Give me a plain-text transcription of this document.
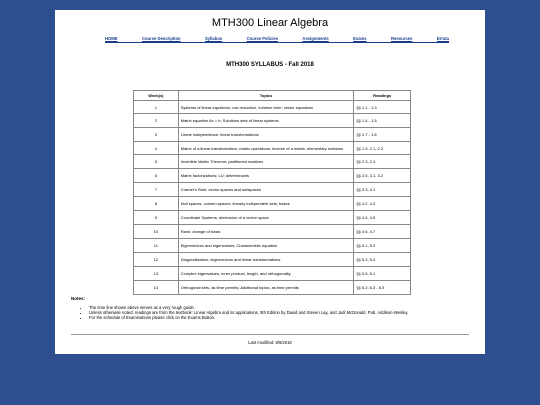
MTH300 Linear Algebra
HOME	Course Description	Syllabus	Course Policies	Assignments	Exams	Resources	Errata
MTH300 SYLLABUS - Fall 2018
Week(s)	Topics	Readings
1	Systems of linear equations; row reduction, echelon form; vector equations	§§ 1.1 - 1.3
2	Matrix equation Ax = b; Solutions sets of linear systems	§§ 1.4 - 1.5
3	Linear independence; linear transformations	§§ 1.7 - 1.8
4	Matrix of a linear transformation; matrix operations; inverse of a matrix; elementary matrices	§§ 1.9, 2.1, 2.2
5	Invertible Matrix Theorem; partitioned matrices	§§ 2.3, 2.4
6	Matrix factorizations: LU; determinants	§§ 2.5, 3.1, 3.2
7	Cramer's Rule; vector spaces and subspaces	§§ 3.3, 4.1
8	Null spaces, column spaces; linearly independent sets; bases	§§ 4.2, 4.3
9	Coordinate Systems; dimension of a vector space	§§ 4.4, 4.5
10	Rank; change of basis	§§ 4.6, 4.7
11	Eigenvectors and eigenvalues; Characteristic equation	§§ 5.1, 5.2
12	Diagonalization; eigenvectors and linear transformations	§§ 5.3, 5.4
13	Complex eigenvalues; inner product, length, and orthogonality	§§ 5.5, 6.1
14	Orthogonal sets, as time permits; Additional topics, as time permits	§§ 6.2; 6.3 - 6.5
Notes:
• The time line shown above serves as a very rough guide.
• Unless otherwise noted, readings are from the textbook: Linear Algebra and its applications, 5th Edition by David and Steven Lay, and Judi McDonald, Pub. Addison-Wesley.
• For the schedule of Examinations please click on the Exams Button.
Last modified: 9/6/2018
